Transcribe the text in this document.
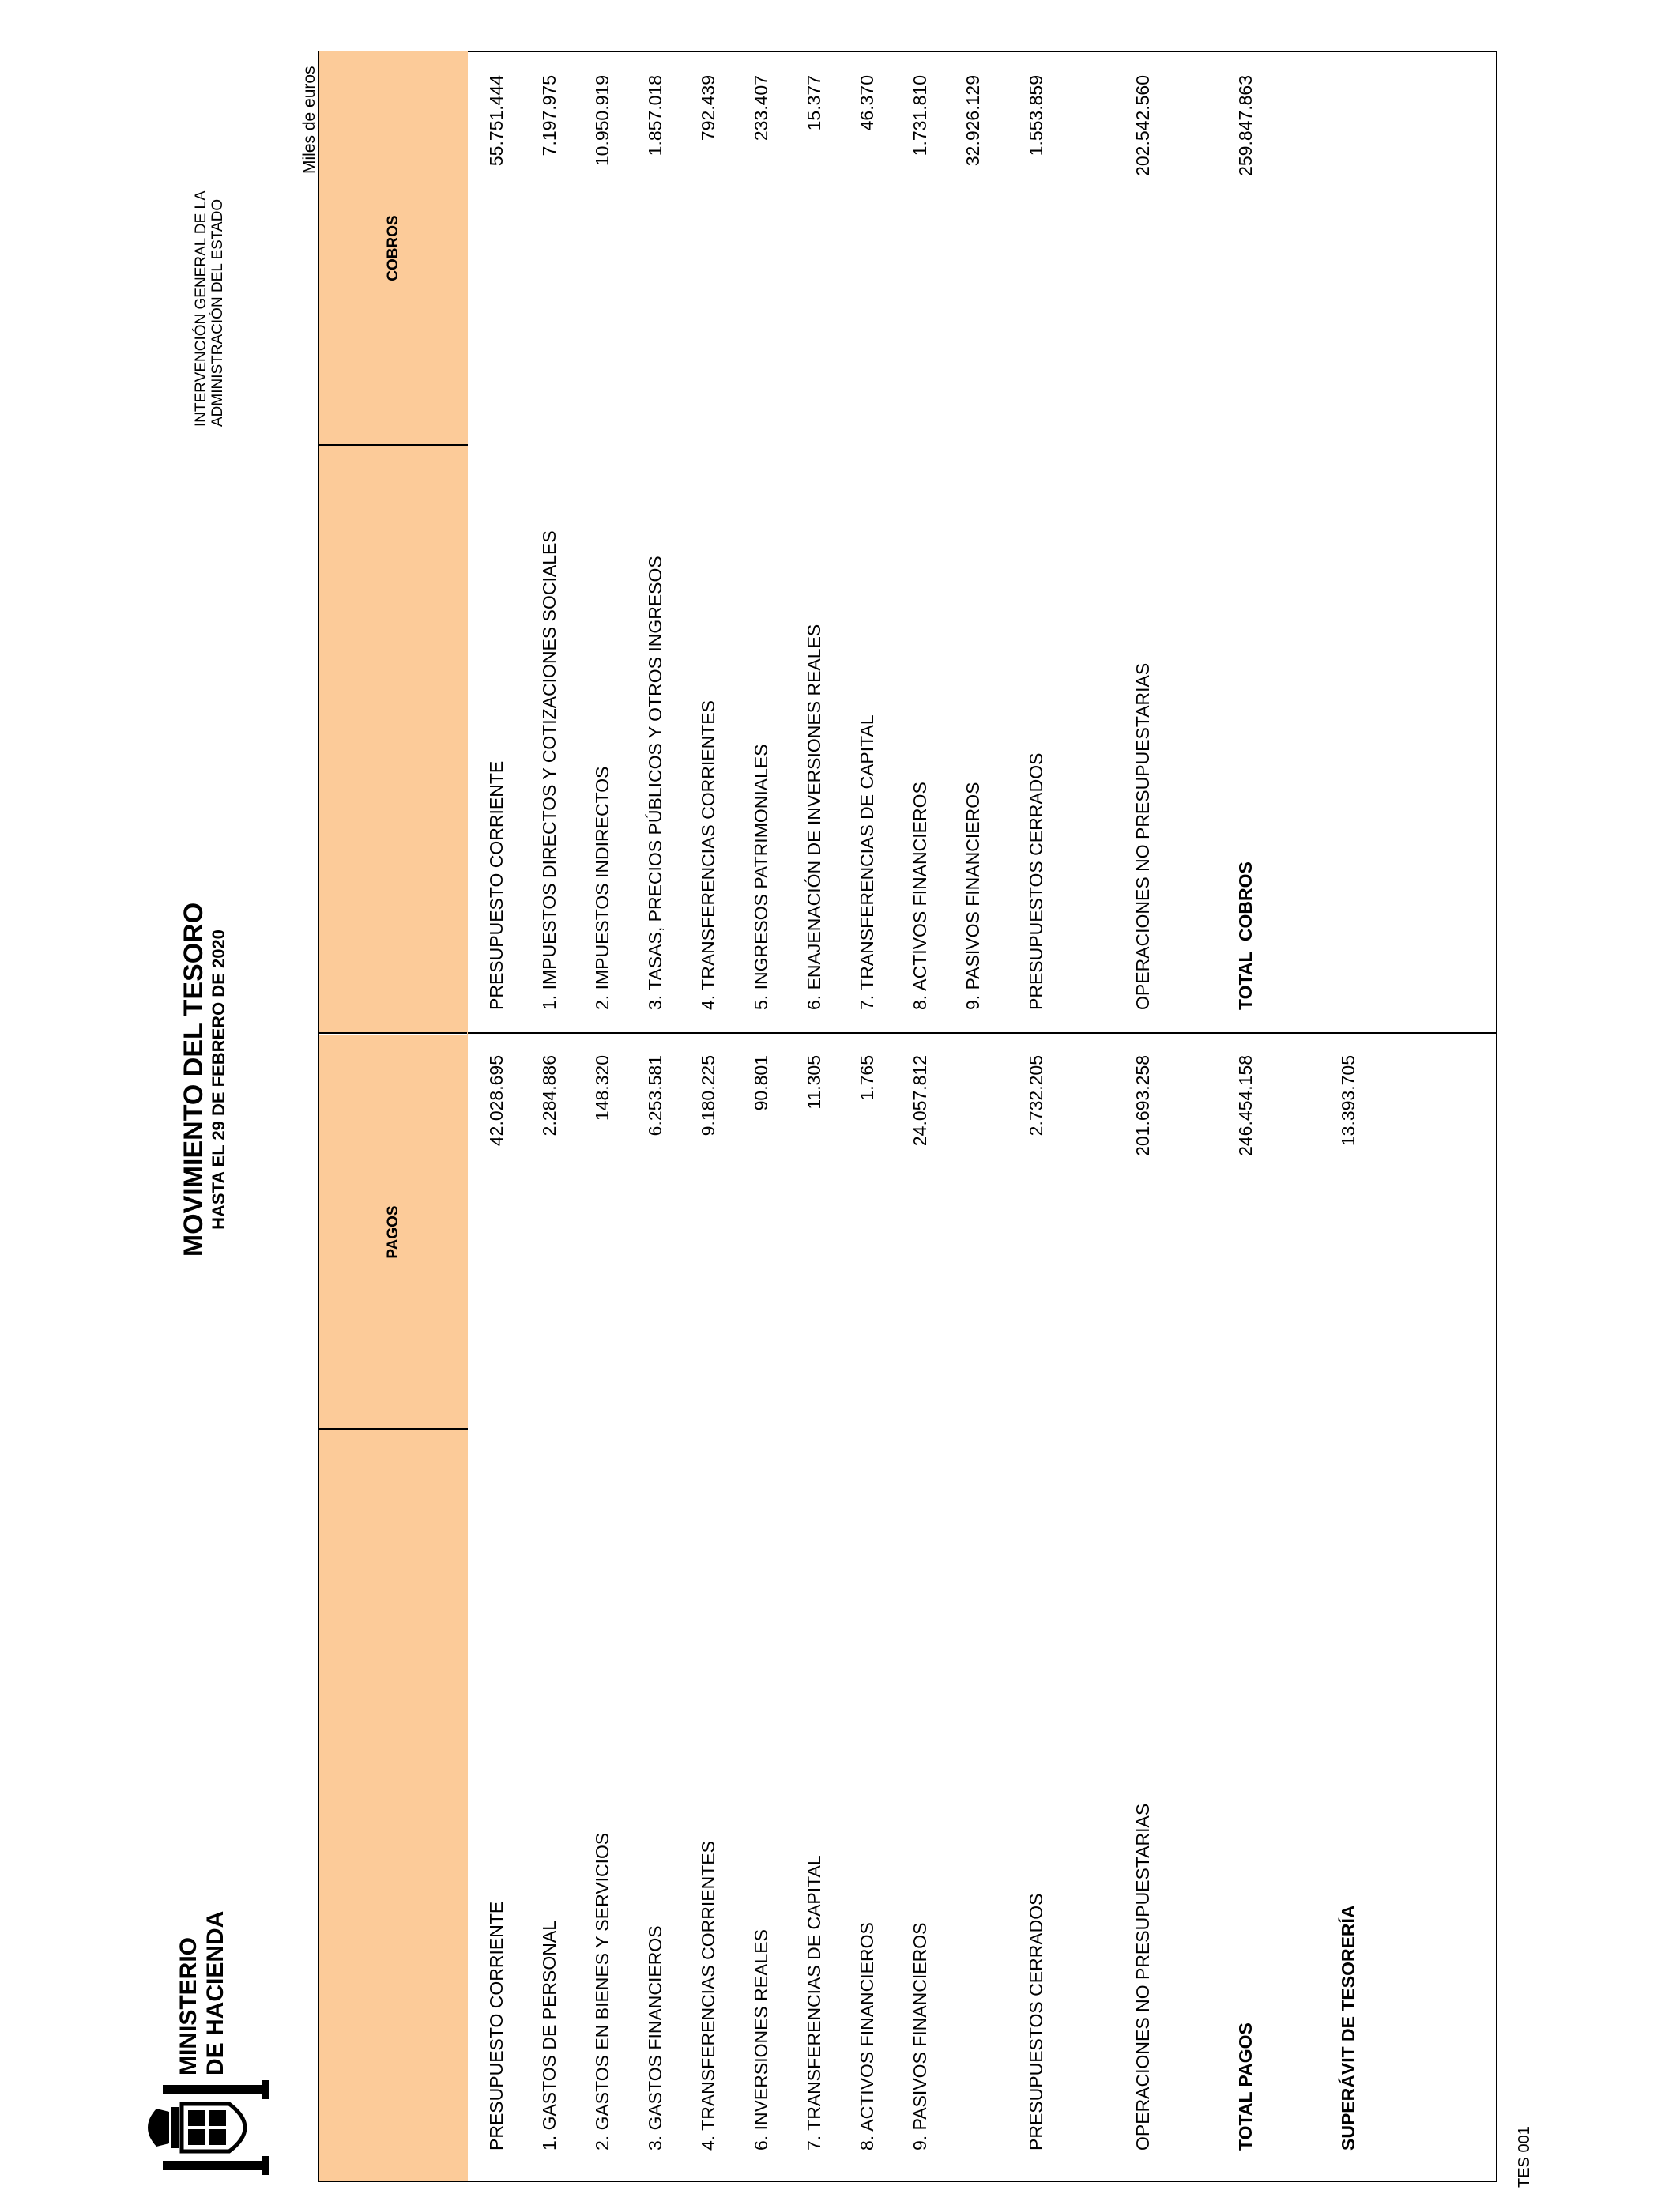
MINISTERIO DE HACIENDA
MOVIMIENTO DEL TESORO HASTA EL 29 DE FEBRERO DE 2020
INTERVENCIÓN GENERAL DE LA ADMINISTRACIÓN DEL ESTADO
Miles de euros
PAGOS
COBROS
PRESUPUESTO CORRIENTE
42.028.695
1. GASTOS DE PERSONAL
2.284.886
2. GASTOS EN BIENES Y SERVICIOS
148.320
3. GASTOS FINANCIEROS
6.253.581
4. TRANSFERENCIAS CORRIENTES
9.180.225
6. INVERSIONES REALES
90.801
7. TRANSFERENCIAS DE CAPITAL
11.305
8. ACTIVOS FINANCIEROS
1.765
9. PASIVOS FINANCIEROS
24.057.812
PRESUPUESTOS CERRADOS
2.732.205
OPERACIONES NO PRESUPUESTARIAS
201.693.258
TOTAL PAGOS
246.454.158
SUPERÁVIT DE TESORERÍA
13.393.705
PRESUPUESTO CORRIENTE
55.751.444
1. IMPUESTOS DIRECTOS Y COTIZACIONES SOCIALES
7.197.975
2. IMPUESTOS INDIRECTOS
10.950.919
3. TASAS, PRECIOS PÚBLICOS Y OTROS INGRESOS
1.857.018
4. TRANSFERENCIAS CORRIENTES
792.439
5. INGRESOS PATRIMONIALES
233.407
6. ENAJENACIÓN DE INVERSIONES REALES
15.377
7. TRANSFERENCIAS DE CAPITAL
46.370
8. ACTIVOS FINANCIEROS
1.731.810
9. PASIVOS FINANCIEROS
32.926.129
PRESUPUESTOS CERRADOS
1.553.859
OPERACIONES NO PRESUPUESTARIAS
202.542.560
TOTAL  COBROS
259.847.863
TES 001
